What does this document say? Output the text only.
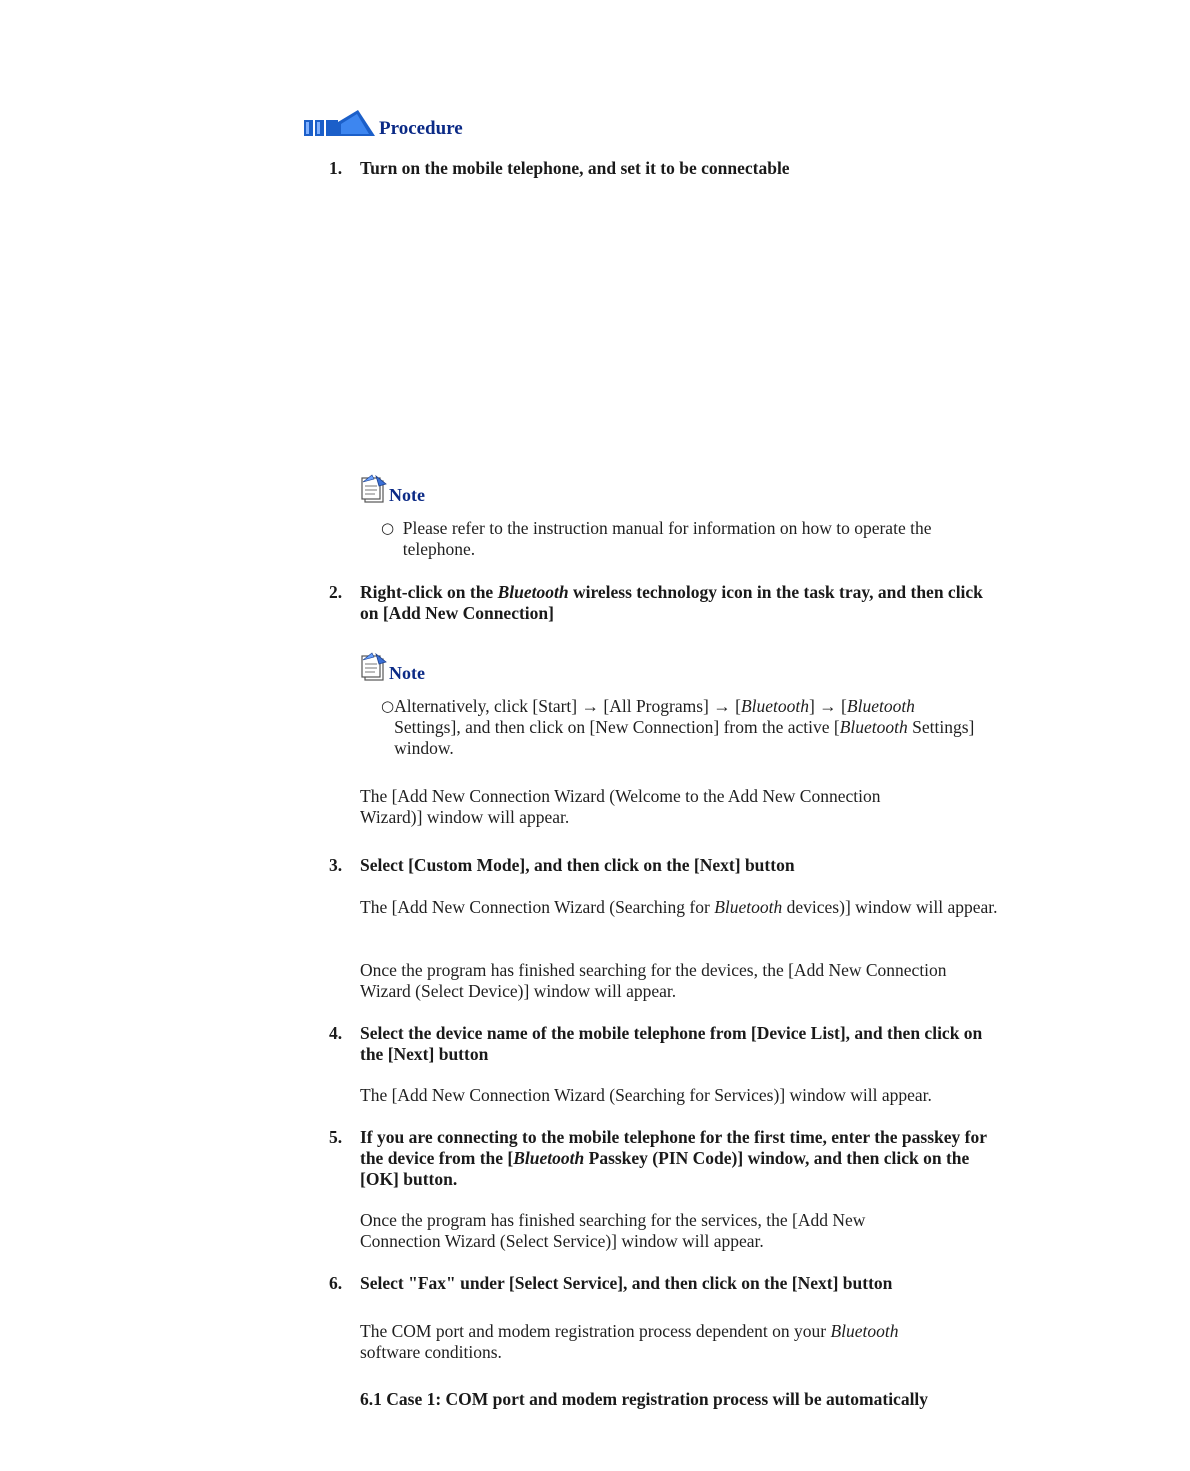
Procedure
1.	Turn on the mobile telephone, and set it to be connectable
Note
○ Please refer to the instruction manual for information on how to operate the telephone.
2.	Right-click on the Bluetooth wireless technology icon in the task tray, and then click on [Add New Connection]
Note
○ Alternatively, click [Start] → [All Programs] → [Bluetooth] → [Bluetooth Settings], and then click on [New Connection] from the active [Bluetooth Settings] window.
The [Add New Connection Wizard (Welcome to the Add New Connection Wizard)] window will appear.
3.	Select [Custom Mode], and then click on the [Next] button
The [Add New Connection Wizard (Searching for Bluetooth devices)] window will appear.
Once the program has finished searching for the devices, the [Add New Connection Wizard (Select Device)] window will appear.
4.	Select the device name of the mobile telephone from [Device List], and then click on the [Next] button
The [Add New Connection Wizard (Searching for Services)] window will appear.
5.	If you are connecting to the mobile telephone for the first time, enter the passkey for the device from the [Bluetooth Passkey (PIN Code)] window, and then click on the [OK] button.
Once the program has finished searching for the services, the [Add New Connection Wizard (Select Service)] window will appear.
6.	Select "Fax" under [Select Service], and then click on the [Next] button
The COM port and modem registration process dependent on your Bluetooth software conditions.
6.1 Case 1: COM port and modem registration process will be automatically
